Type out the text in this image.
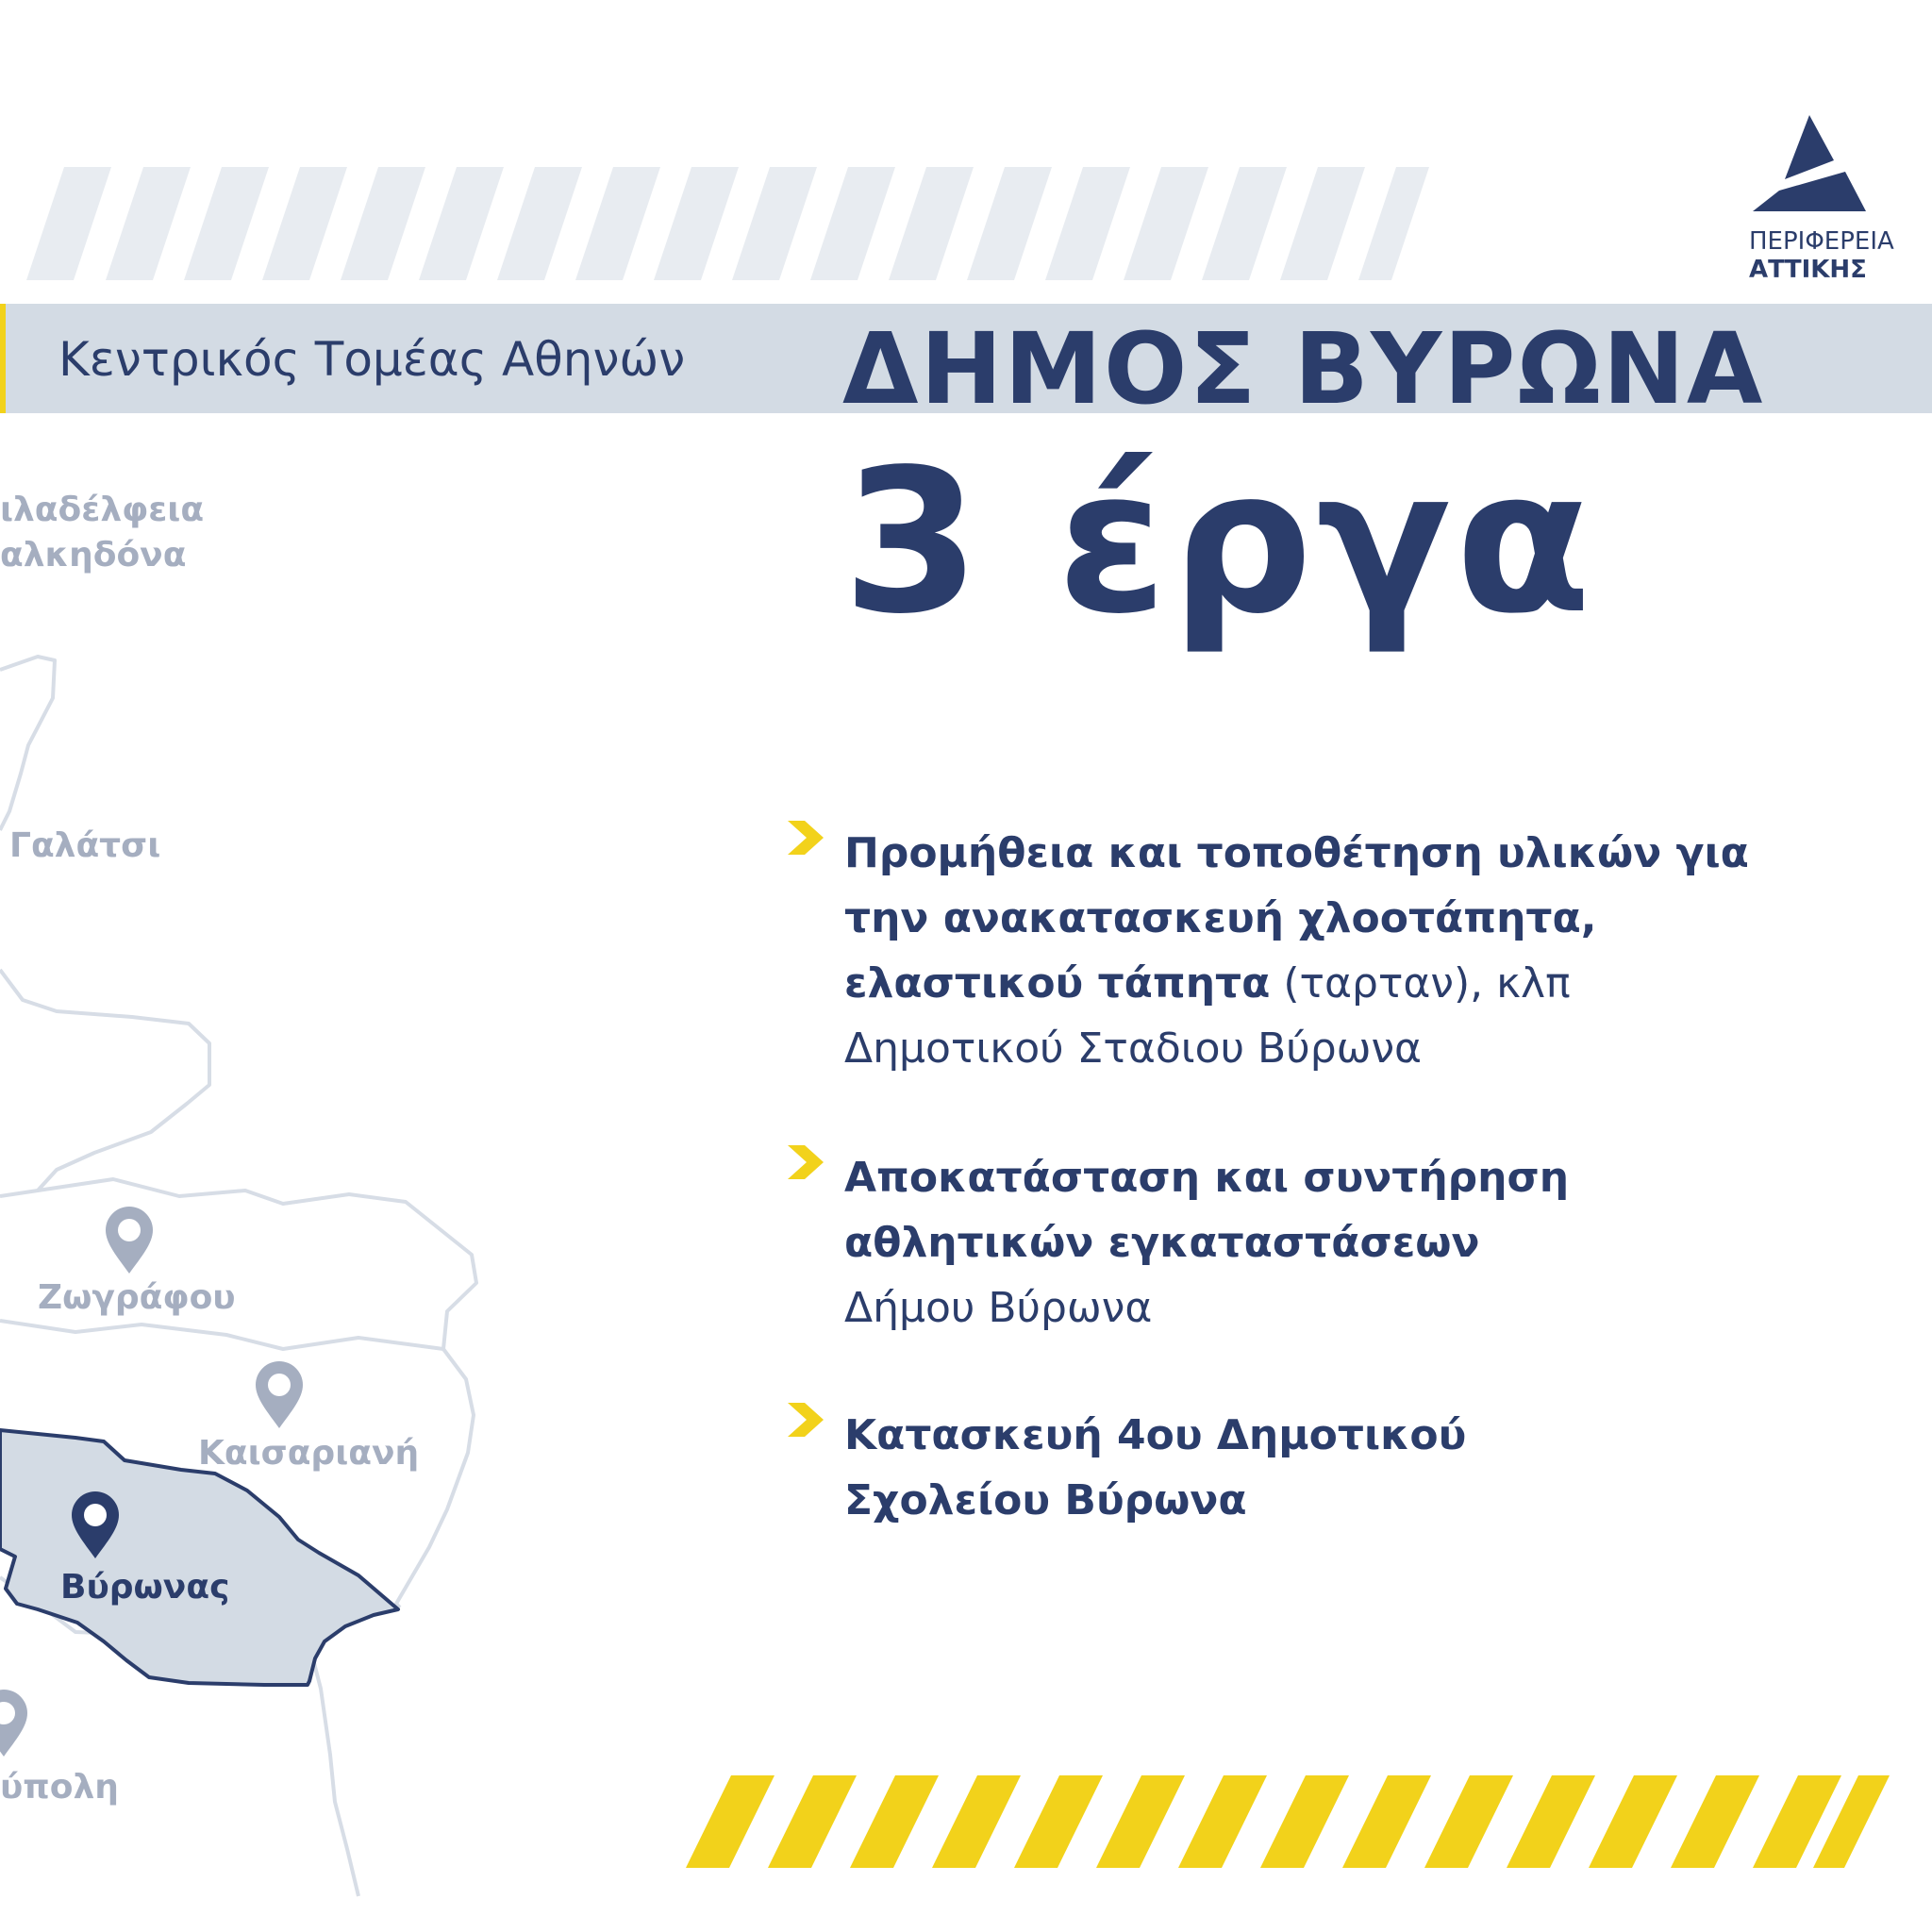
ΠΕΡΙΦΕΡΕΙΑ
ΑΤΤΙΚΗΣ
Κεντρικός Τομέας Αθηνών ΔΗΜΟΣ ΒΥΡΩΝΑ
3 έργα
ιλαδέλφεια
αλκηδόνα
Γαλάτσι
Ζωγράφου
Καισαριανή
Βύρωνας
ύπολη
Προμήθεια και τοποθέτηση υλικών για την ανακατασκευή χλοοτάπητα, ελαστικού τάπητα (ταρταν), κλπ
Δημοτικού Σταδιου Βύρωνα
Αποκατάσταση και συντήρηση αθλητικών εγκαταστάσεων
Δήμου Βύρωνα
Κατασκευή 4ου Δημοτικού Σχολείου Βύρωνα
